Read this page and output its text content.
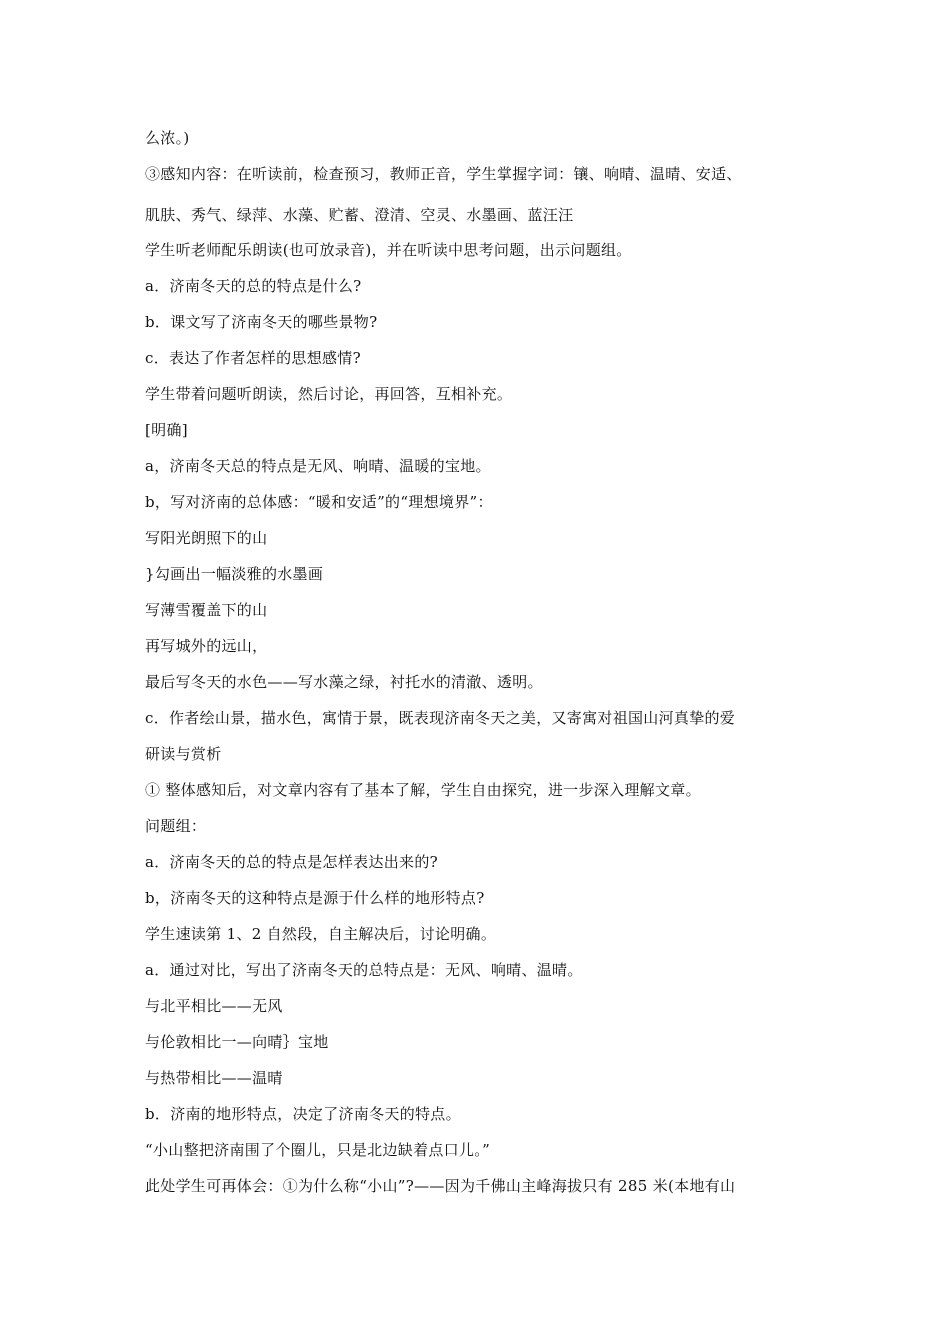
么浓。)
③感知内容：在听读前，检查预习，教师正音，学生掌握字词：镶、响晴、温晴、安适、
肌肤、秀气、绿萍、水藻、贮蓄、澄清、空灵、水墨画、蓝汪汪
学生听老师配乐朗读(也可放录音)，并在听读中思考问题，出示问题组。
a．济南冬天的总的特点是什么?
b．课文写了济南冬天的哪些景物?
c．表达了作者怎样的思想感情?
学生带着问题听朗读，然后讨论，再回答，互相补充。
[明确]
a，济南冬天总的特点是无风、响晴、温暖的宝地。
b，写对济南的总体感：“暖和安适”的“理想境界”：
写阳光朗照下的山
}勾画出一幅淡雅的水墨画
写薄雪覆盖下的山
再写城外的远山，
最后写冬天的水色——写水藻之绿，衬托水的清澈、透明。
c．作者绘山景，描水色，寓情于景，既表现济南冬天之美，又寄寓对祖国山河真挚的爱
研读与赏析
① 整体感知后，对文章内容有了基本了解，学生自由探究，进一步深入理解文章。
问题组：
a．济南冬天的总的特点是怎样表达出来的?
b，济南冬天的这种特点是源于什么样的地形特点?
学生速读第 1、2 自然段，自主解决后，讨论明确。
a．通过对比，写出了济南冬天的总特点是：无风、响晴、温晴。
与北平相比——无风
与伦敦相比一—向晴｝宝地
与热带相比——温晴
b．济南的地形特点，决定了济南冬天的特点。
“小山整把济南围了个圈儿，只是北边缺着点口儿。”
此处学生可再体会：①为什么称“小山”?——因为千佛山主峰海拔只有 285 米(本地有山
